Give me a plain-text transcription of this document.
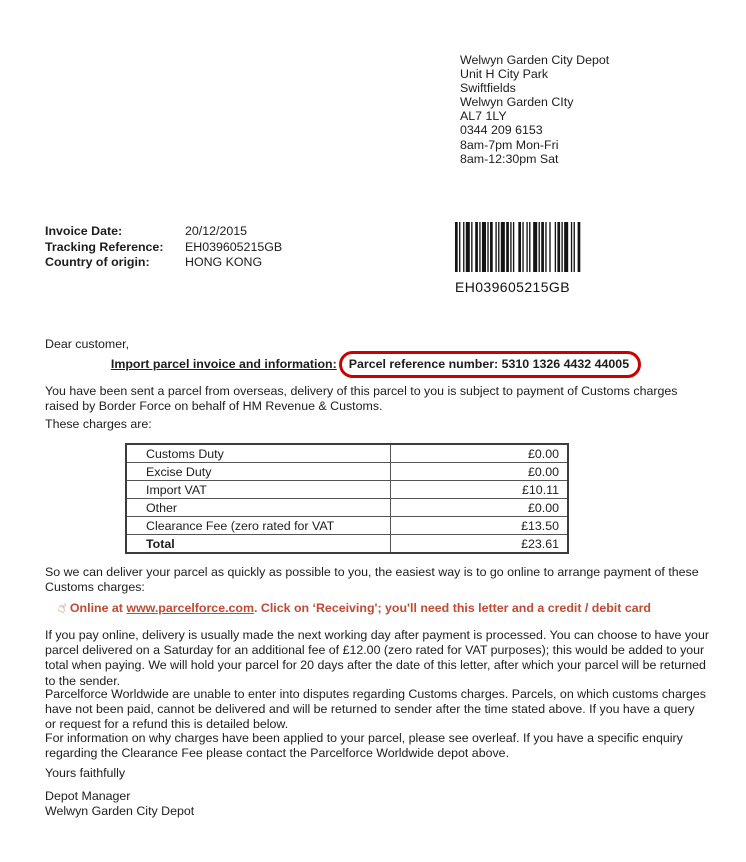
Welwyn Garden City Depot
Unit H City Park
Swiftfields
Welwyn Garden CIty
AL7 1LY
0344 209 6153
8am-7pm Mon-Fri
8am-12:30pm Sat
Invoice Date:	20/12/2015
Tracking Reference:	EH039605215GB
Country of origin:	HONG KONG
EH039605215GB
Dear customer,
Import parcel invoice and information: Parcel reference number: 5310 1326 4432 44005
You have been sent a parcel from overseas, delivery of this parcel to you is subject to payment of Customs charges raised by Border Force on behalf of HM Revenue & Customs.
These charges are:
Customs Duty	£0.00
Excise Duty	£0.00
Import VAT	£10.11
Other	£0.00
Clearance Fee (zero rated for VAT	£13.50
Total	£23.61
So we can deliver your parcel as quickly as possible to you, the easiest way is to go online to arrange payment of these Customs charges:
☝ Online at www.parcelforce.com. Click on ‘Receiving'; you'll need this letter and a credit / debit card
If you pay online, delivery is usually made the next working day after payment is processed. You can choose to have your parcel delivered on a Saturday for an additional fee of £12.00 (zero rated for VAT purposes); this would be added to your total when paying. We will hold your parcel for 20 days after the date of this letter, after which your parcel will be returned to the sender.
Parcelforce Worldwide are unable to enter into disputes regarding Customs charges. Parcels, on which customs charges have not been paid, cannot be delivered and will be returned to sender after the time stated above. If you have a query or request for a refund this is detailed below.
For information on why charges have been applied to your parcel, please see overleaf. If you have a specific enquiry regarding the Clearance Fee please contact the Parcelforce Worldwide depot above.
Yours faithfully
Depot Manager
Welwyn Garden City Depot
